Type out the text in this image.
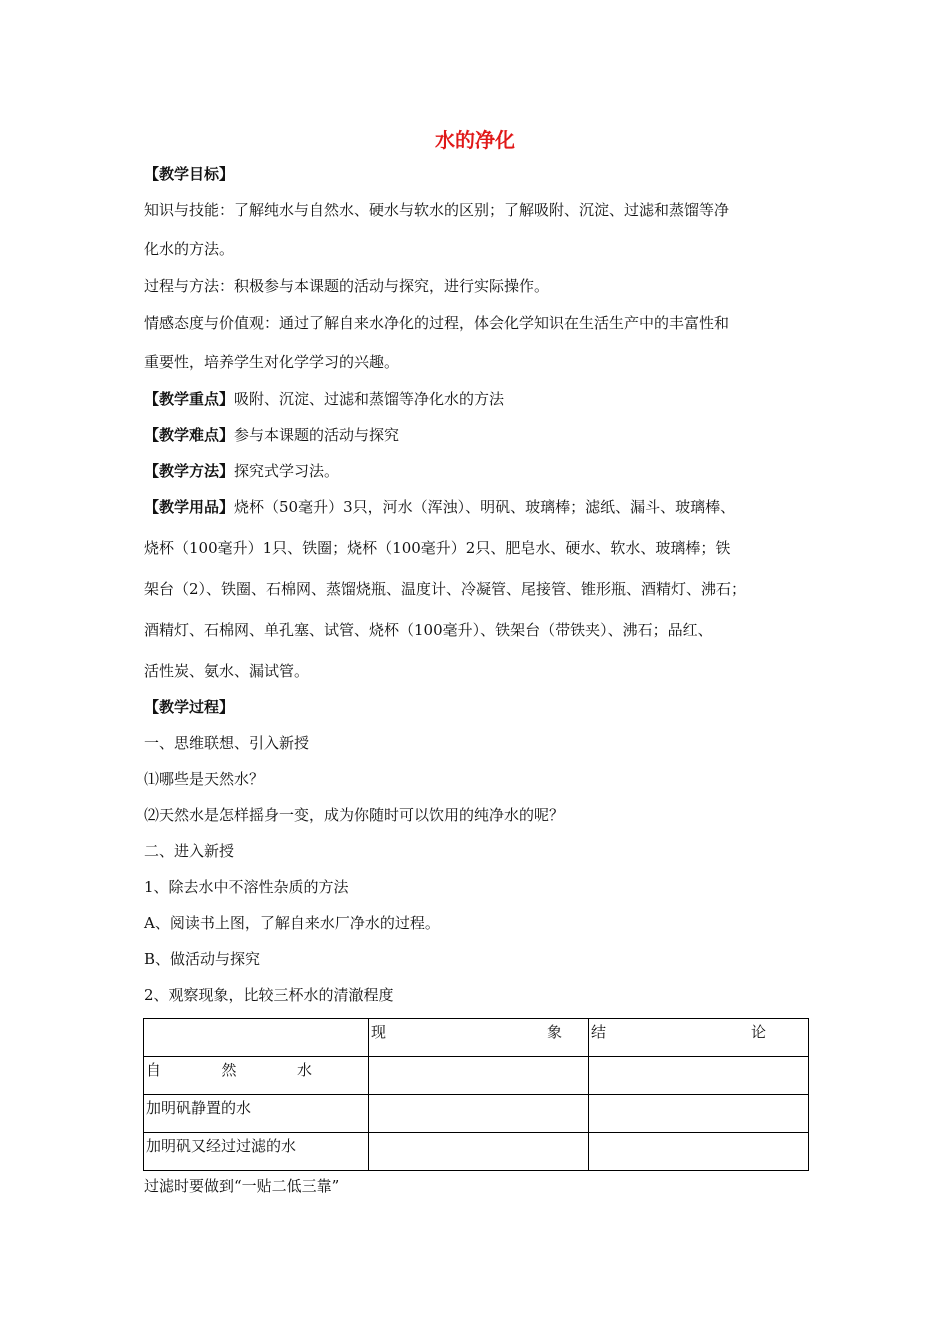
水的净化
【教学目标】
知识与技能：了解纯水与自然水、硬水与软水的区别；了解吸附、沉淀、过滤和蒸馏等净
化水的方法。
过程与方法：积极参与本课题的活动与探究，进行实际操作。
情感态度与价值观：通过了解自来水净化的过程，体会化学知识在生活生产中的丰富性和
重要性，培养学生对化学学习的兴趣。
【教学重点】吸附、沉淀、过滤和蒸馏等净化水的方法
【教学难点】参与本课题的活动与探究
【教学方法】探究式学习法。
【教学用品】烧杯（50毫升）3只，河水（浑浊）、明矾、玻璃棒；滤纸、漏斗、玻璃棒、
烧杯（100毫升）1只、铁圈；烧杯（100毫升）2只、肥皂水、硬水、软水、玻璃棒；铁
架台（2）、铁圈、石棉网、蒸馏烧瓶、温度计、冷凝管、尾接管、锥形瓶、酒精灯、沸石；
酒精灯、石棉网、单孔塞、试管、烧杯（100毫升）、铁架台（带铁夹）、沸石；品红、
活性炭、氨水、漏试管。
【教学过程】
一、思维联想、引入新授
⑴哪些是天然水？
⑵天然水是怎样摇身一变，成为你随时可以饮用的纯净水的呢？
二、进入新授
1、除去水中不溶性杂质的方法
A、阅读书上图，了解自来水厂净水的过程。
B、做活动与探究
2、观察现象，比较三杯水的清澈程度

	现 象	结 论

自 然 水		

加明矾静置的水		
加明矾又经过过滤的水		
过滤时要做到“一贴二低三靠”
